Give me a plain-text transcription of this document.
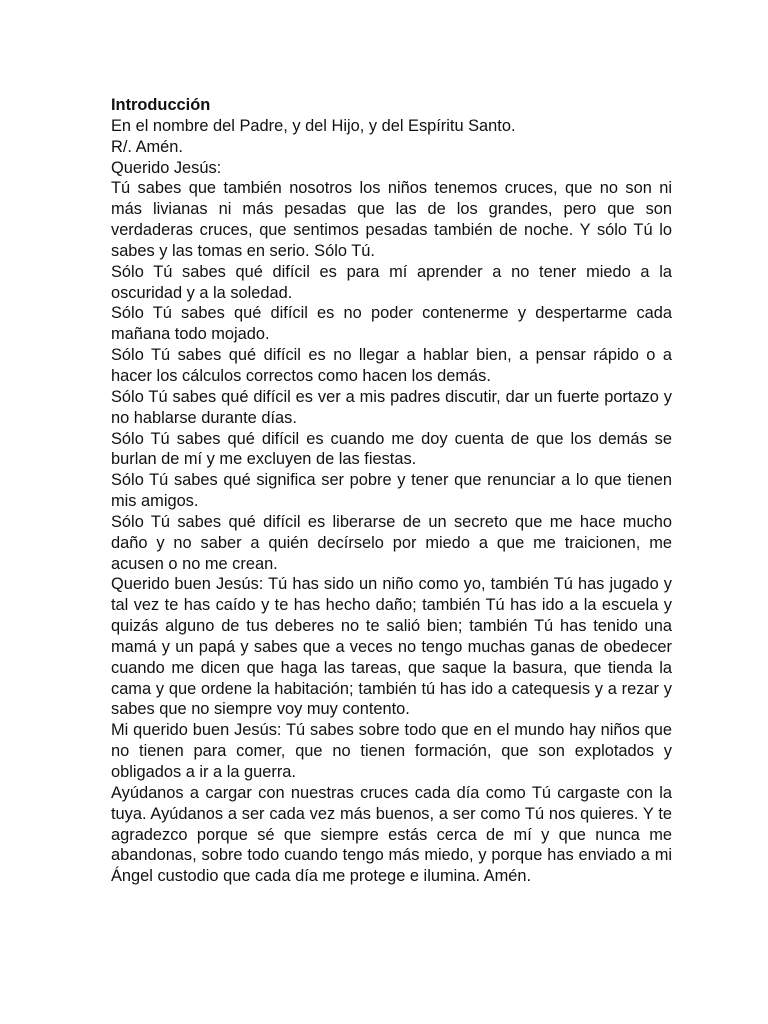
Introducción

En el nombre del Padre, y del Hijo, y del Espíritu Santo.

R/. Amén.

Querido Jesús:

Tú sabes que también nosotros los niños tenemos cruces, que no son ni más livianas ni más pesadas que las de los grandes, pero que son verdaderas cruces, que sentimos pesadas también de noche. Y sólo Tú lo sabes y las tomas en serio. Sólo Tú.

Sólo Tú sabes qué difícil es para mí aprender a no tener miedo a la oscuridad y a la soledad.

Sólo Tú sabes qué difícil es no poder contenerme y despertarme cada mañana todo mojado.

Sólo Tú sabes qué difícil es no llegar a hablar bien, a pensar rápido o a hacer los cálculos correctos como hacen los demás.

Sólo Tú sabes qué difícil es ver a mis padres discutir, dar un fuerte portazo y no hablarse durante días.

Sólo Tú sabes qué difícil es cuando me doy cuenta de que los demás se burlan de mí y me excluyen de las fiestas.

Sólo Tú sabes qué significa ser pobre y tener que renunciar a lo que tienen mis amigos.

Sólo Tú sabes qué difícil es liberarse de un secreto que me hace mucho daño y no saber a quién decírselo por miedo a que me traicionen, me acusen o no me crean.

Querido buen Jesús: Tú has sido un niño como yo, también Tú has jugado y tal vez te has caído y te has hecho daño; también Tú has ido a la escuela y quizás alguno de tus deberes no te salió bien; también Tú has tenido una mamá y un papá y sabes que a veces no tengo muchas ganas de obedecer cuando me dicen que haga las tareas, que saque la basura, que tienda la cama y que ordene la habitación; también tú has ido a catequesis y a rezar y sabes que no siempre voy muy contento.

Mi querido buen Jesús: Tú sabes sobre todo que en el mundo hay niños que no tienen para comer, que no tienen formación, que son explotados y obligados a ir a la guerra.

Ayúdanos a cargar con nuestras cruces cada día como Tú cargaste con la tuya. Ayúdanos a ser cada vez más buenos, a ser como Tú nos quieres. Y te agradezco porque sé que siempre estás cerca de mí y que nunca me abandonas, sobre todo cuando tengo más miedo, y porque has enviado a mi Ángel custodio que cada día me protege e ilumina. Amén.
